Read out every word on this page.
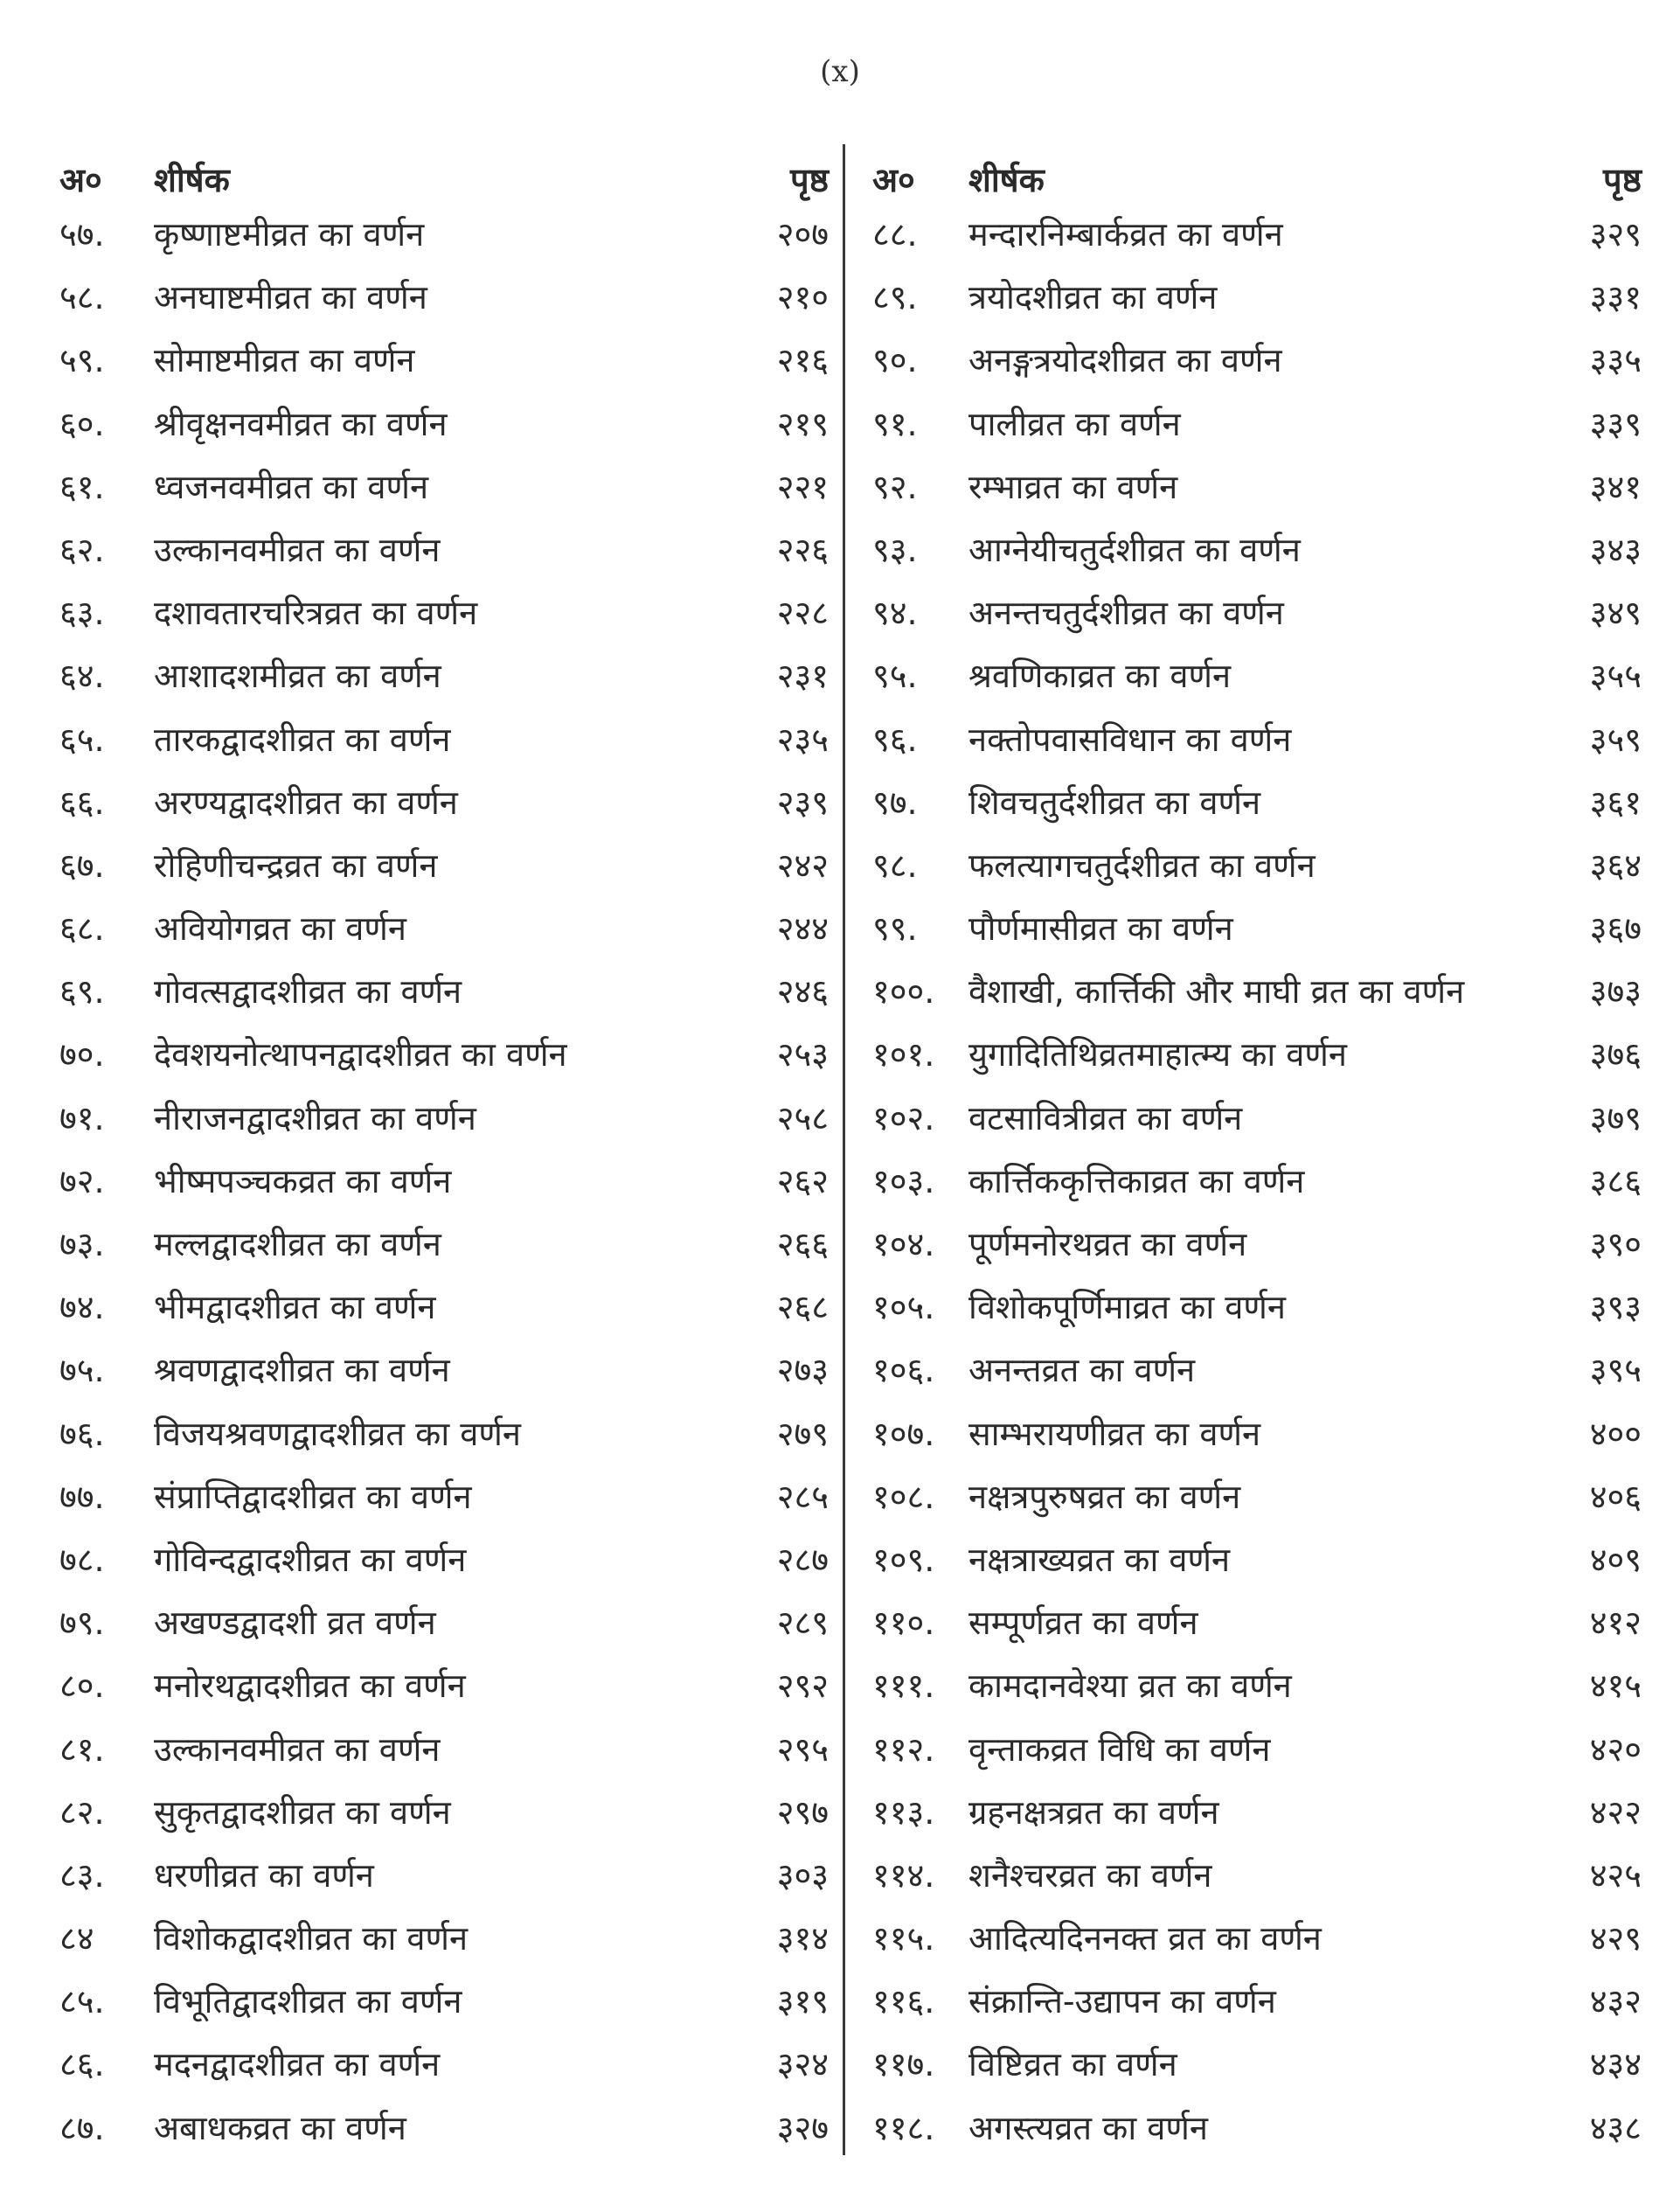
(x)
अ०	शीर्षक	पृष्ठ
५७.	कृष्णाष्टमीव्रत का वर्णन	२०७
५८.	अनघाष्टमीव्रत का वर्णन	२१०
५९.	सोमाष्टमीव्रत का वर्णन	२१६
६०.	श्रीवृक्षनवमीव्रत का वर्णन	२१९
६१.	ध्वजनवमीव्रत का वर्णन	२२१
६२.	उल्कानवमीव्रत का वर्णन	२२६
६३.	दशावतारचरित्रव्रत का वर्णन	२२८
६४.	आशादशमीव्रत का वर्णन	२३१
६५.	तारकद्वादशीव्रत का वर्णन	२३५
६६.	अरण्यद्वादशीव्रत का वर्णन	२३९
६७.	रोहिणीचन्द्रव्रत का वर्णन	२४२
६८.	अवियोगव्रत का वर्णन	२४४
६९.	गोवत्सद्वादशीव्रत का वर्णन	२४६
७०.	देवशयनोत्थापनद्वादशीव्रत का वर्णन	२५३
७१.	नीराजनद्वादशीव्रत का वर्णन	२५८
७२.	भीष्मपञ्चकव्रत का वर्णन	२६२
७३.	मल्लद्वादशीव्रत का वर्णन	२६६
७४.	भीमद्वादशीव्रत का वर्णन	२६८
७५.	श्रवणद्वादशीव्रत का वर्णन	२७३
७६.	विजयश्रवणद्वादशीव्रत का वर्णन	२७९
७७.	संप्राप्तिद्वादशीव्रत का वर्णन	२८५
७८.	गोविन्दद्वादशीव्रत का वर्णन	२८७
७९.	अखण्डद्वादशी व्रत वर्णन	२८९
८०.	मनोरथद्वादशीव्रत का वर्णन	२९२
८१.	उल्कानवमीव्रत का वर्णन	२९५
८२.	सुकृतद्वादशीव्रत का वर्णन	२९७
८३.	धरणीव्रत का वर्णन	३०३
८४	विशोकद्वादशीव्रत का वर्णन	३१४
८५.	विभूतिद्वादशीव्रत का वर्णन	३१९
८६.	मदनद्वादशीव्रत का वर्णन	३२४
८७.	अबाधकव्रत का वर्णन	३२७
अ०	शीर्षक	पृष्ठ
८८.	मन्दारनिम्बार्कव्रत का वर्णन	३२९
८९.	त्रयोदशीव्रत का वर्णन	३३१
९०.	अनङ्गत्रयोदशीव्रत का वर्णन	३३५
९१.	पालीव्रत का वर्णन	३३९
९२.	रम्भाव्रत का वर्णन	३४१
९३.	आग्नेयीचतुर्दशीव्रत का वर्णन	३४३
९४.	अनन्तचतुर्दशीव्रत का वर्णन	३४९
९५.	श्रवणिकाव्रत का वर्णन	३५५
९६.	नक्तोपवासविधान का वर्णन	३५९
९७.	शिवचतुर्दशीव्रत का वर्णन	३६१
९८.	फलत्यागचतुर्दशीव्रत का वर्णन	३६४
९९.	पौर्णमासीव्रत का वर्णन	३६७
१००.	वैशाखी, कार्त्तिकी और माघी व्रत का वर्णन	३७३
१०१.	युगादितिथिव्रतमाहात्म्य का वर्णन	३७६
१०२.	वटसावित्रीव्रत का वर्णन	३७९
१०३.	कार्त्तिककृत्तिकाव्रत का वर्णन	३८६
१०४.	पूर्णमनोरथव्रत का वर्णन	३९०
१०५.	विशोकपूर्णिमाव्रत का वर्णन	३९३
१०६.	अनन्तव्रत का वर्णन	३९५
१०७.	साम्भरायणीव्रत का वर्णन	४००
१०८.	नक्षत्रपुरुषव्रत का वर्णन	४०६
१०९.	नक्षत्राख्यव्रत का वर्णन	४०९
११०.	सम्पूर्णव्रत का वर्णन	४१२
१११.	कामदानवेश्या व्रत का वर्णन	४१५
११२.	वृन्ताकव्रत विधि का वर्णन	४२०
११३.	ग्रहनक्षत्रव्रत का वर्णन	४२२
११४.	शनैश्चरव्रत का वर्णन	४२५
११५.	आदित्यदिननक्त व्रत का वर्णन	४२९
११६.	संक्रान्ति-उद्यापन का वर्णन	४३२
११७.	विष्टिव्रत का वर्णन	४३४
११८.	अगस्त्यव्रत का वर्णन	४३८
